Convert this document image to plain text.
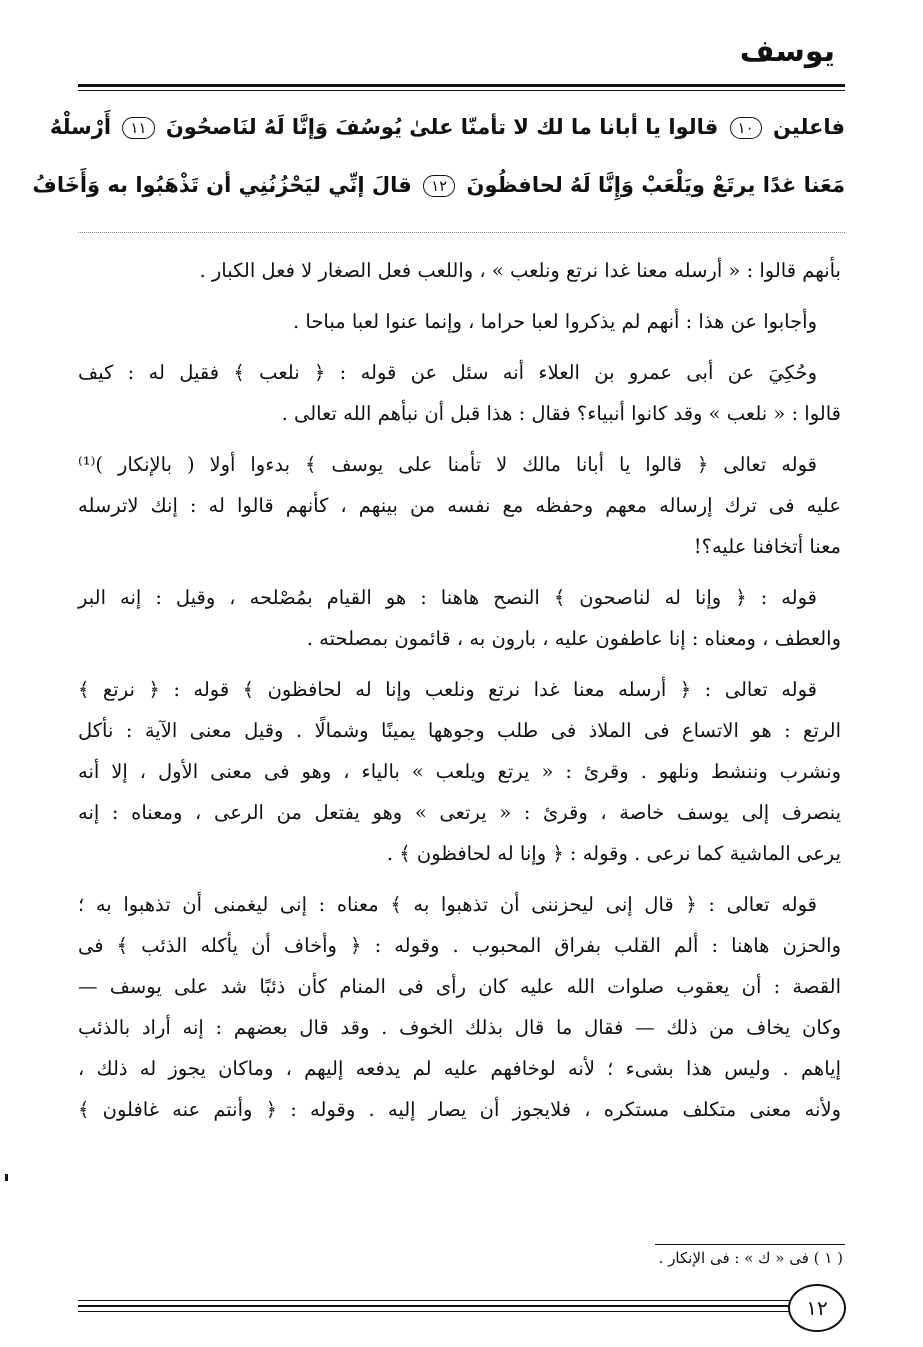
يوسف
فاعلين ١٠ قالوا يا أبانا ما لك لا تأمنّا علىٰ يُوسُفَ وَإنَّا لَهُ لنَاصحُونَ ١١ أَرْسلْهُ
مَعَنا غدًا يرتَعْ ويَلْعَبْ وَإِنَّا لَهُ لحافظُونَ ١٢ قالَ إنِّي ليَحْزُنُنِي أن تَذْهَبُوا به وَأَخَافُ
بأنهم قالوا : « أرسله معنا غدا نرتع ونلعب » ، واللعب فعل الصغار لا فعل الكبار .
وأجابوا عن هذا : أنهم لم يذكروا لعبا حراما ، وإنما عنوا لعبا مباحا .
وحُكِيَ عن أبى عمرو بن العلاء أنه سئل عن قوله : ﴿ نلعب ﴾ فقيل له : كيف
قالوا : « نلعب » وقد كانوا أنبياء؟ فقال : هذا قبل أن نبأهم الله تعالى .
قوله تعالى ﴿ قالوا يا أبانا مالك لا تأمنا على يوسف ﴾ بدءوا أولا ( بالإنكار )⁽¹⁾
عليه فى ترك إرساله معهم وحفظه مع نفسه من بينهم ، كأنهم قالوا له : إنك لاترسله
معنا أتخافنا عليه؟!
قوله : ﴿ وإنا له لناصحون ﴾ النصح هاهنا : هو القيام بمُصْلحه ، وقيل : إنه البر
والعطف ، ومعناه : إنا عاطفون عليه ، بارون به ، قائمون بمصلحته .
قوله تعالى : ﴿ أرسله معنا غدا نرتع ونلعب وإنا له لحافظون ﴾ قوله : ﴿ نرتع ﴾
الرتع : هو الاتساع فى الملاذ فى طلب وجوهها يمينًا وشمالًا . وقيل معنى الآية : نأكل
ونشرب وننشط ونلهو . وقرئ : « يرتع ويلعب » بالياء ، وهو فى معنى الأول ، إلا أنه
ينصرف إلى يوسف خاصة ، وقرئ : « يرتعى » وهو يفتعل من الرعى ، ومعناه : إنه
يرعى الماشية كما نرعى . وقوله : ﴿ وإنا له لحافظون ﴾ .
قوله تعالى : ﴿ قال إنى ليحزننى أن تذهبوا به ﴾ معناه : إنى ليغمنى أن تذهبوا به ؛
والحزن هاهنا : ألم القلب بفراق المحبوب . وقوله : ﴿ وأخاف أن يأكله الذئب ﴾ فى
القصة : أن يعقوب صلوات الله عليه كان رأى فى المنام كأن ذئبًا شد على يوسف —
وكان يخاف من ذلك — فقال ما قال بذلك الخوف . وقد قال بعضهم : إنه أراد بالذئب
إياهم . وليس هذا بشىء ؛ لأنه لوخافهم عليه لم يدفعه إليهم ، وماكان يجوز له ذلك ،
ولأنه معنى متكلف مستكره ، فلايجوز أن يصار إليه . وقوله : ﴿ وأنتم عنه غافلون ﴾
( ١ ) فى « ك » : فى الإنكار .
١٢
